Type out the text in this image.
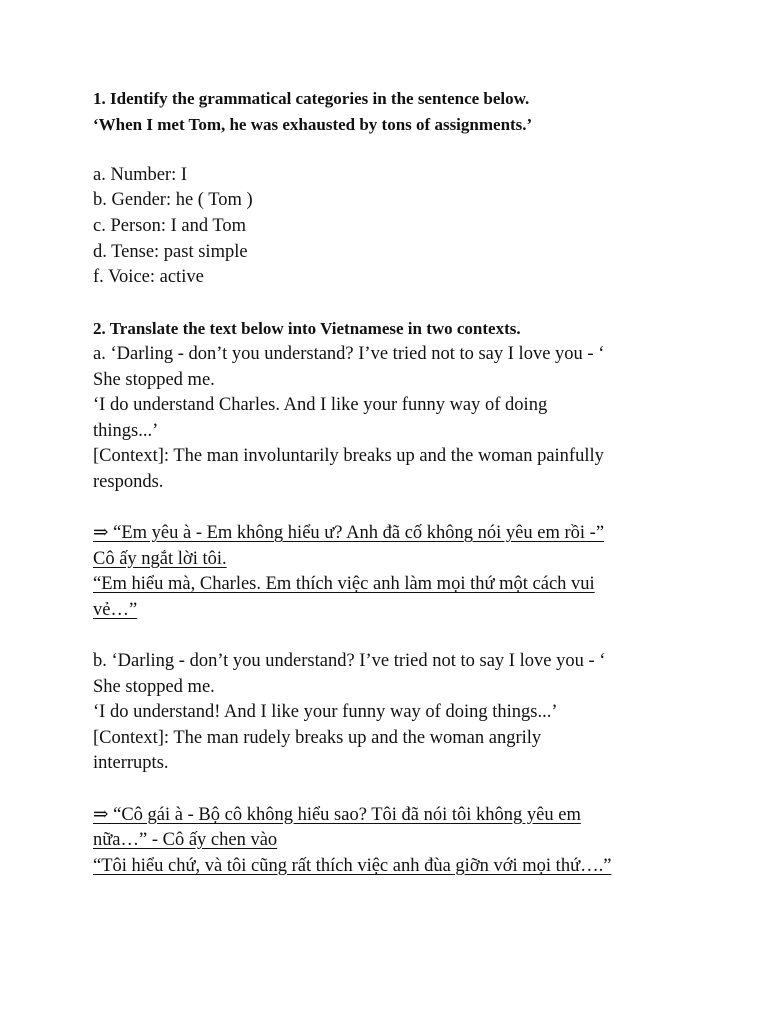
1. Identify the grammatical categories in the sentence below.
‘When I met Tom, he was exhausted by tons of assignments.’
a. Number: I
b. Gender: he ( Tom )
c. Person: I and Tom
d. Tense: past simple
f. Voice: active
2. Translate the text below into Vietnamese in two contexts.
a. ‘Darling - don’t you understand? I’ve tried not to say I love you - ‘
She stopped me.
‘I do understand Charles. And I like your funny way of doing
things...’
[Context]: The man involuntarily breaks up and the woman painfully
responds.
⇒ “Em yêu à - Em không hiểu ư? Anh đã cố không nói yêu em rồi -”
Cô ấy ngắt lời tôi.
“Em hiểu mà, Charles. Em thích việc anh làm mọi thứ một cách vui
vẻ…”
b. ‘Darling - don’t you understand? I’ve tried not to say I love you - ‘
She stopped me.
‘I do understand! And I like your funny way of doing things...’
[Context]: The man rudely breaks up and the woman angrily
interrupts.
⇒ “Cô gái à - Bộ cô không hiểu sao? Tôi đã nói tôi không yêu em
nữa…” - Cô ấy chen vào
“Tôi hiểu chứ, và tôi cũng rất thích việc anh đùa giỡn với mọi thứ….”
